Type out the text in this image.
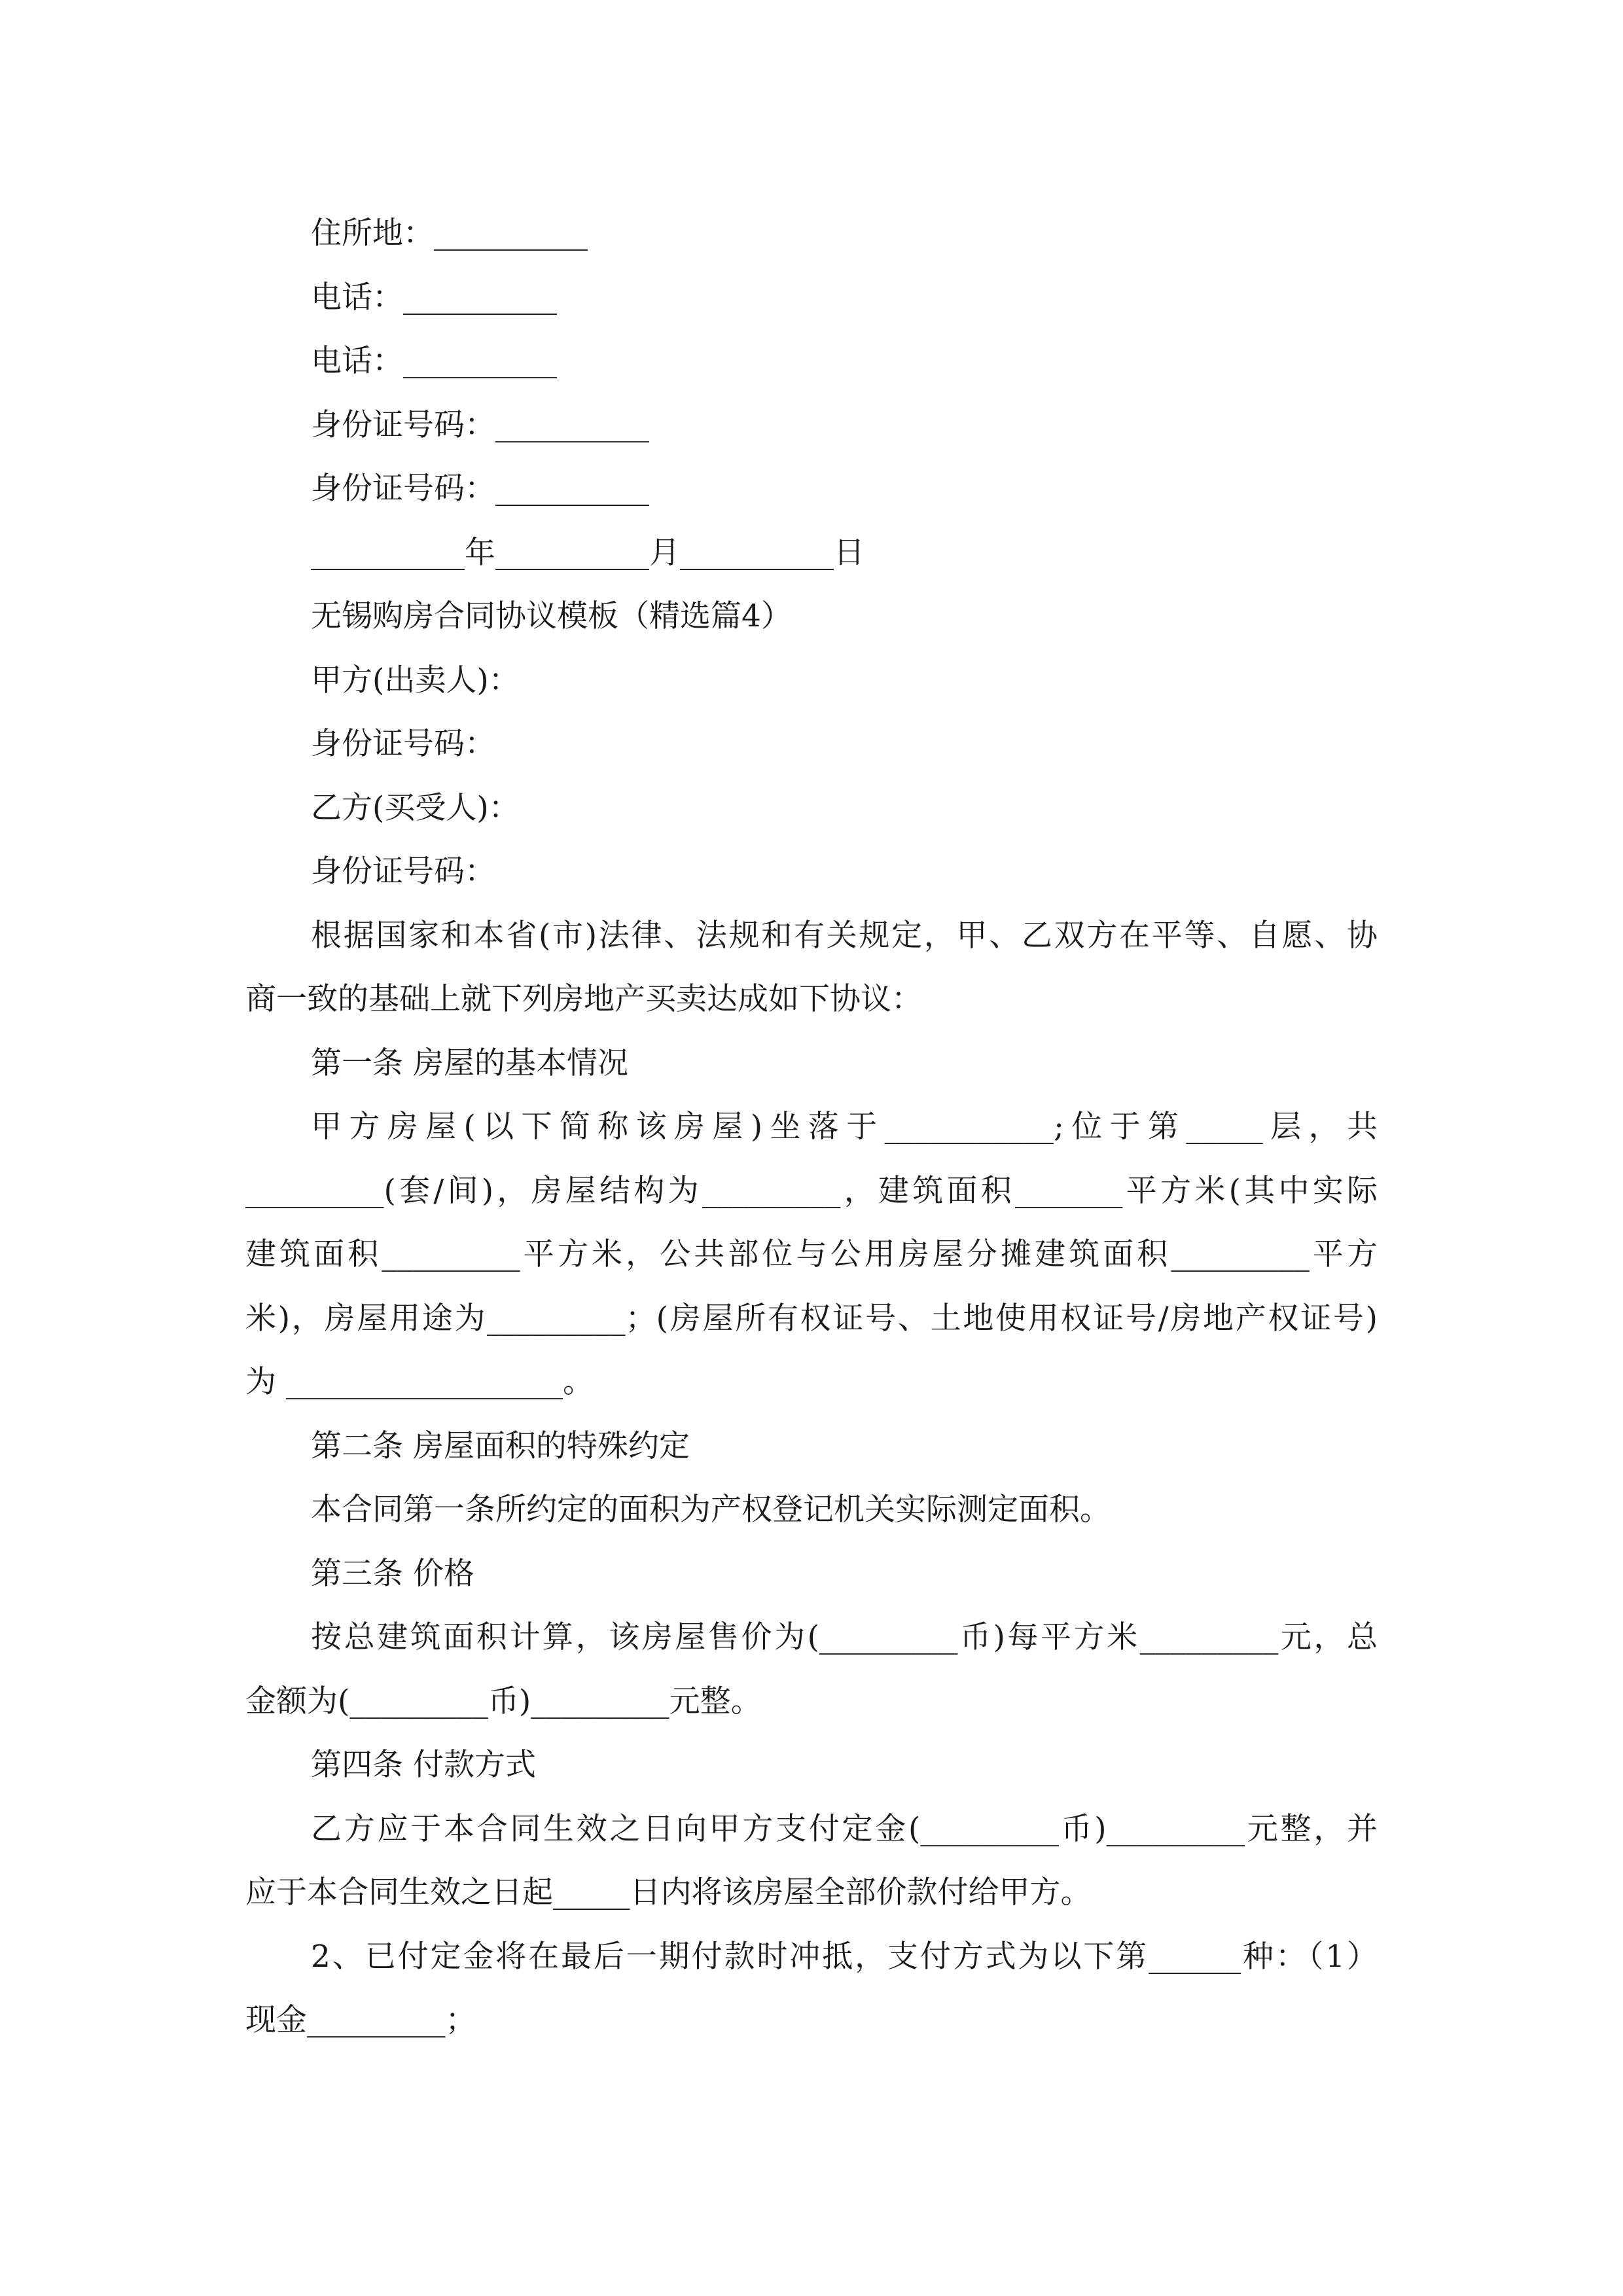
住所地：__________
电话：__________
电话：__________
身份证号码：__________
身份证号码：__________
__________年__________月__________日
无锡购房合同协议模板（精选篇4）
甲方(出卖人)：
身份证号码：
乙方(买受人)：
身份证号码：
根据国家和本省(市)法律、法规和有关规定，甲、乙双方在平等、自愿、协
商一致的基础上就下列房地产买卖达成如下协议：
第一条 房屋的基本情况
甲方房屋(以下简称该房屋)坐落于___________;位于第_____层，共
_________(套/间)，房屋结构为_________，建筑面积_______平方米(其中实际
建筑面积_________平方米，公共部位与公用房屋分摊建筑面积_________平方
米)，房屋用途为_________；(房屋所有权证号、土地使用权证号/房地产权证号)
为 __________________。
第二条 房屋面积的特殊约定
本合同第一条所约定的面积为产权登记机关实际测定面积。
第三条 价格
按总建筑面积计算，该房屋售价为(_________币)每平方米_________元，总
金额为(_________币)_________元整。
第四条 付款方式
乙方应于本合同生效之日向甲方支付定金(_________币)_________元整，并
应于本合同生效之日起_____日内将该房屋全部价款付给甲方。
2、已付定金将在最后一期付款时冲抵，支付方式为以下第______种：（1）
现金_________；
